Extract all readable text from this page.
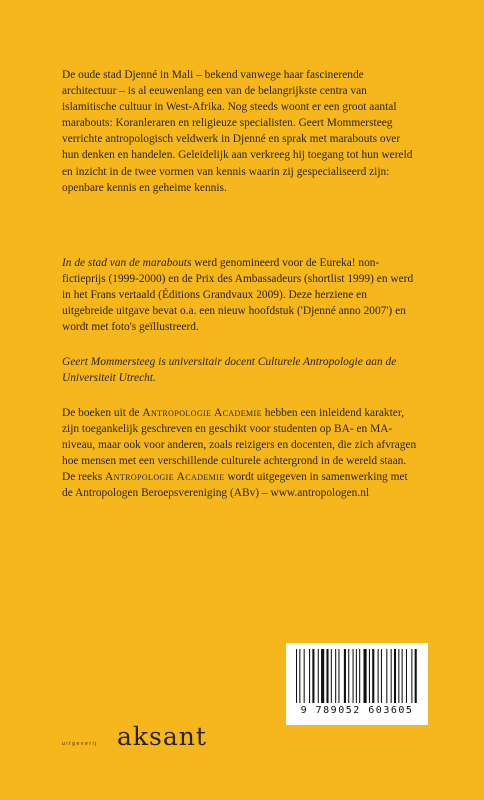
De oude stad Djenné in Mali – bekend vanwege haar fascinerende architectuur – is al eeuwenlang een van de belangrijkste centra van islamitische cultuur in West-Afrika. Nog steeds woont er een groot aantal marabouts: Koranleraren en religieuze specialisten. Geert Mommersteeg verrichte antropologisch veldwerk in Djenné en sprak met marabouts over hun denken en handelen. Geleidelijk aan verkreeg hij toegang tot hun wereld en inzicht in de twee vormen van kennis waarin zij gespecialiseerd zijn: openbare kennis en geheime kennis.

In de stad van de marabouts werd genomineerd voor de Eureka! non-fictieprijs (1999-2000) en de Prix des Ambassadeurs (shortlist 1999) en werd in het Frans vertaald (Éditions Grandvaux 2009). Deze herziene en uitgebreide uitgave bevat o.a. een nieuw hoofdstuk ('Djenné anno 2007') en wordt met foto's geïllustreerd.

Geert Mommersteeg is universitair docent Culturele Antropologie aan de Universiteit Utrecht.

De boeken uit de Antropologie Academie hebben een inleidend karakter, zijn toegankelijk geschreven en geschikt voor studenten op BA- en MA-niveau, maar ook voor anderen, zoals reizigers en docenten, die zich afvragen hoe mensen met een verschillende culturele achtergrond in de wereld staan. De reeks Antropologie Academie wordt uitgegeven in samenwerking met de Antropologen Beroepsvereniging (ABv) – www.antropologen.nl

9 789052 603605
uitgeverij aksant
